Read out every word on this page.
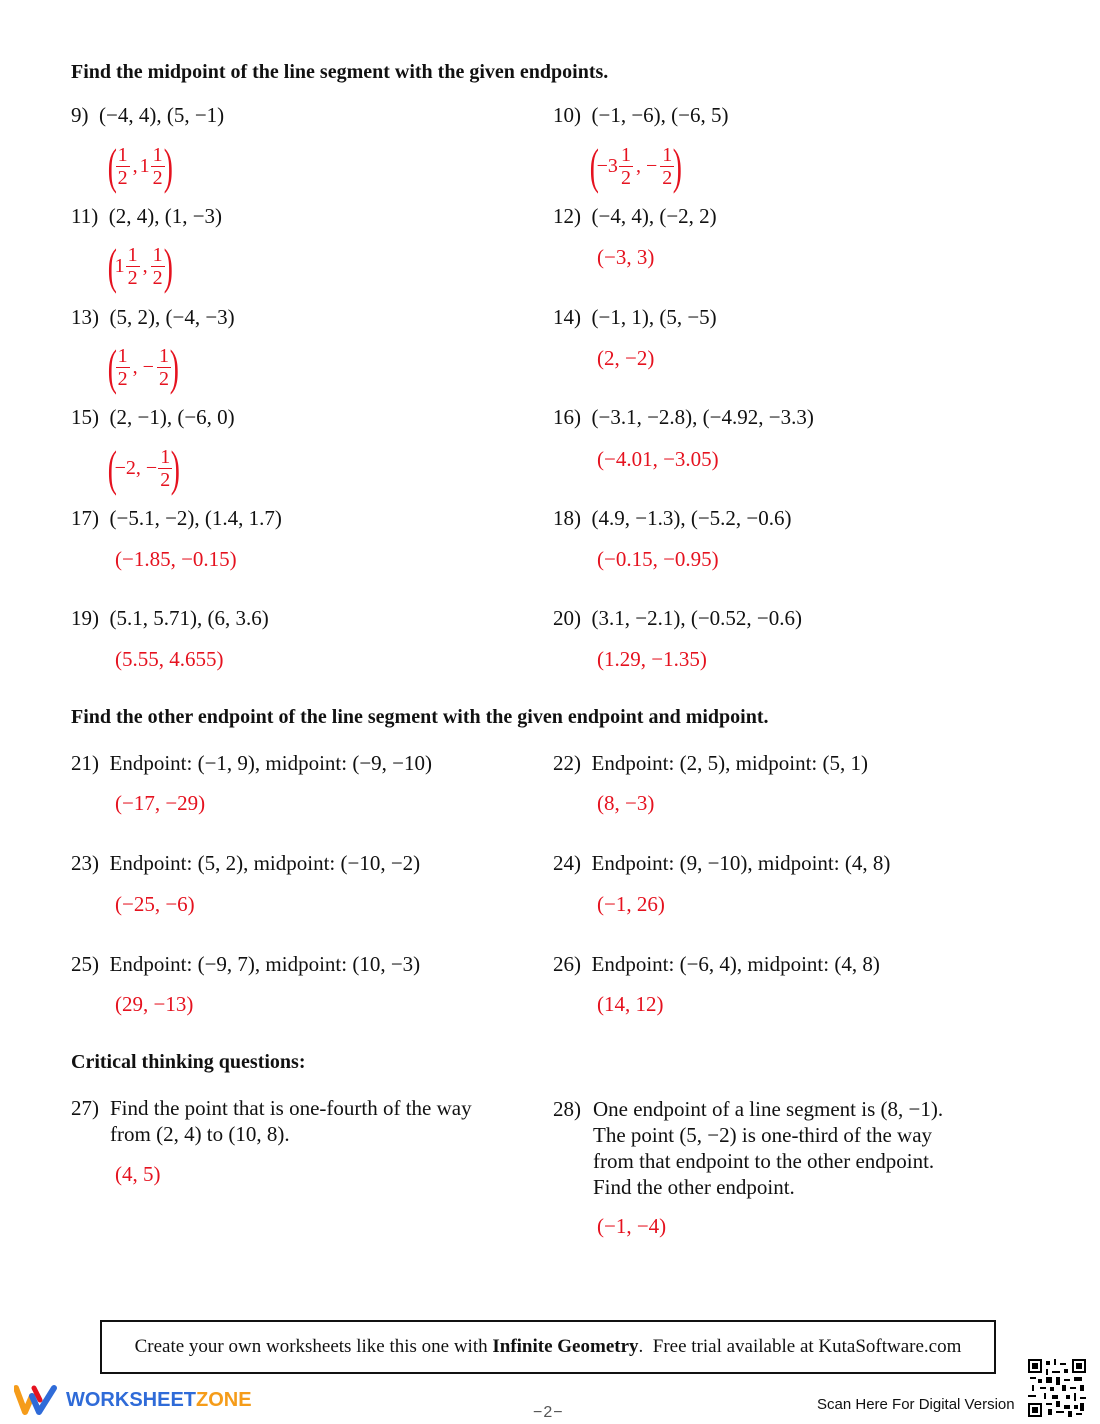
Find the midpoint of the line segment with the given endpoints.
9) (−4, 4), (5, −1)
(
$\frac{1}{2}$ , $1 \frac{1}{2}$
)
10) (−1, −6), (−6, 5)
(
$-3 \frac{1}{2}$ , − $\frac{1}{2}$
)
11) (2, 4), (1, −3)
(
$1 \frac{1}{2}$ , $\frac{1}{2}$
)
12) (−4, 4), (−2, 2)
(−3, 3)
13) (5, 2), (−4, −3)
(
$\frac{1}{2}$ , − $\frac{1}{2}$
)
14) (−1, 1), (5, −5)
(2, −2)
15) (2, −1), (−6, 0)
(
−2, − $\frac{1}{2}$
)
16) (−3.1, −2.8), (−4.92, −3.3)
(−4.01, −3.05)
17) (−5.1, −2), (1.4, 1.7)
(−1.85, −0.15)
18) (4.9, −1.3), (−5.2, −0.6)
(−0.15, −0.95)
19) (5.1, 5.71), (6, 3.6)
(5.55, 4.655)
20) (3.1, −2.1), (−0.52, −0.6)
(1.29, −1.35)
Find the other endpoint of the line segment with the given endpoint and midpoint.
21) Endpoint: (−1, 9), midpoint: (−9, −10)
(−17, −29)
22) Endpoint: (2, 5), midpoint: (5, 1)
(8, −3)
23) Endpoint: (5, 2), midpoint: (−10, −2)
(−25, −6)
24) Endpoint: (9, −10), midpoint: (4, 8)
(−1, 26)
25) Endpoint: (−9, 7), midpoint: (10, −3)
(29, −13)
26) Endpoint: (−6, 4), midpoint: (4, 8)
(14, 12)
Critical thinking questions:
27) Find the point that is one-fourth of the way from (2, 4) to (10, 8).
(4, 5)
28) One endpoint of a line segment is (8, −1). The point (5, −2) is one-third of the way from that endpoint to the other endpoint. Find the other endpoint.
(−1, −4)
Create your own worksheets like this one with Infinite Geometry .  Free trial available at KutaSoftware.com
WORKSHEET ZONE
−2−	Scan Here For Digital Version
